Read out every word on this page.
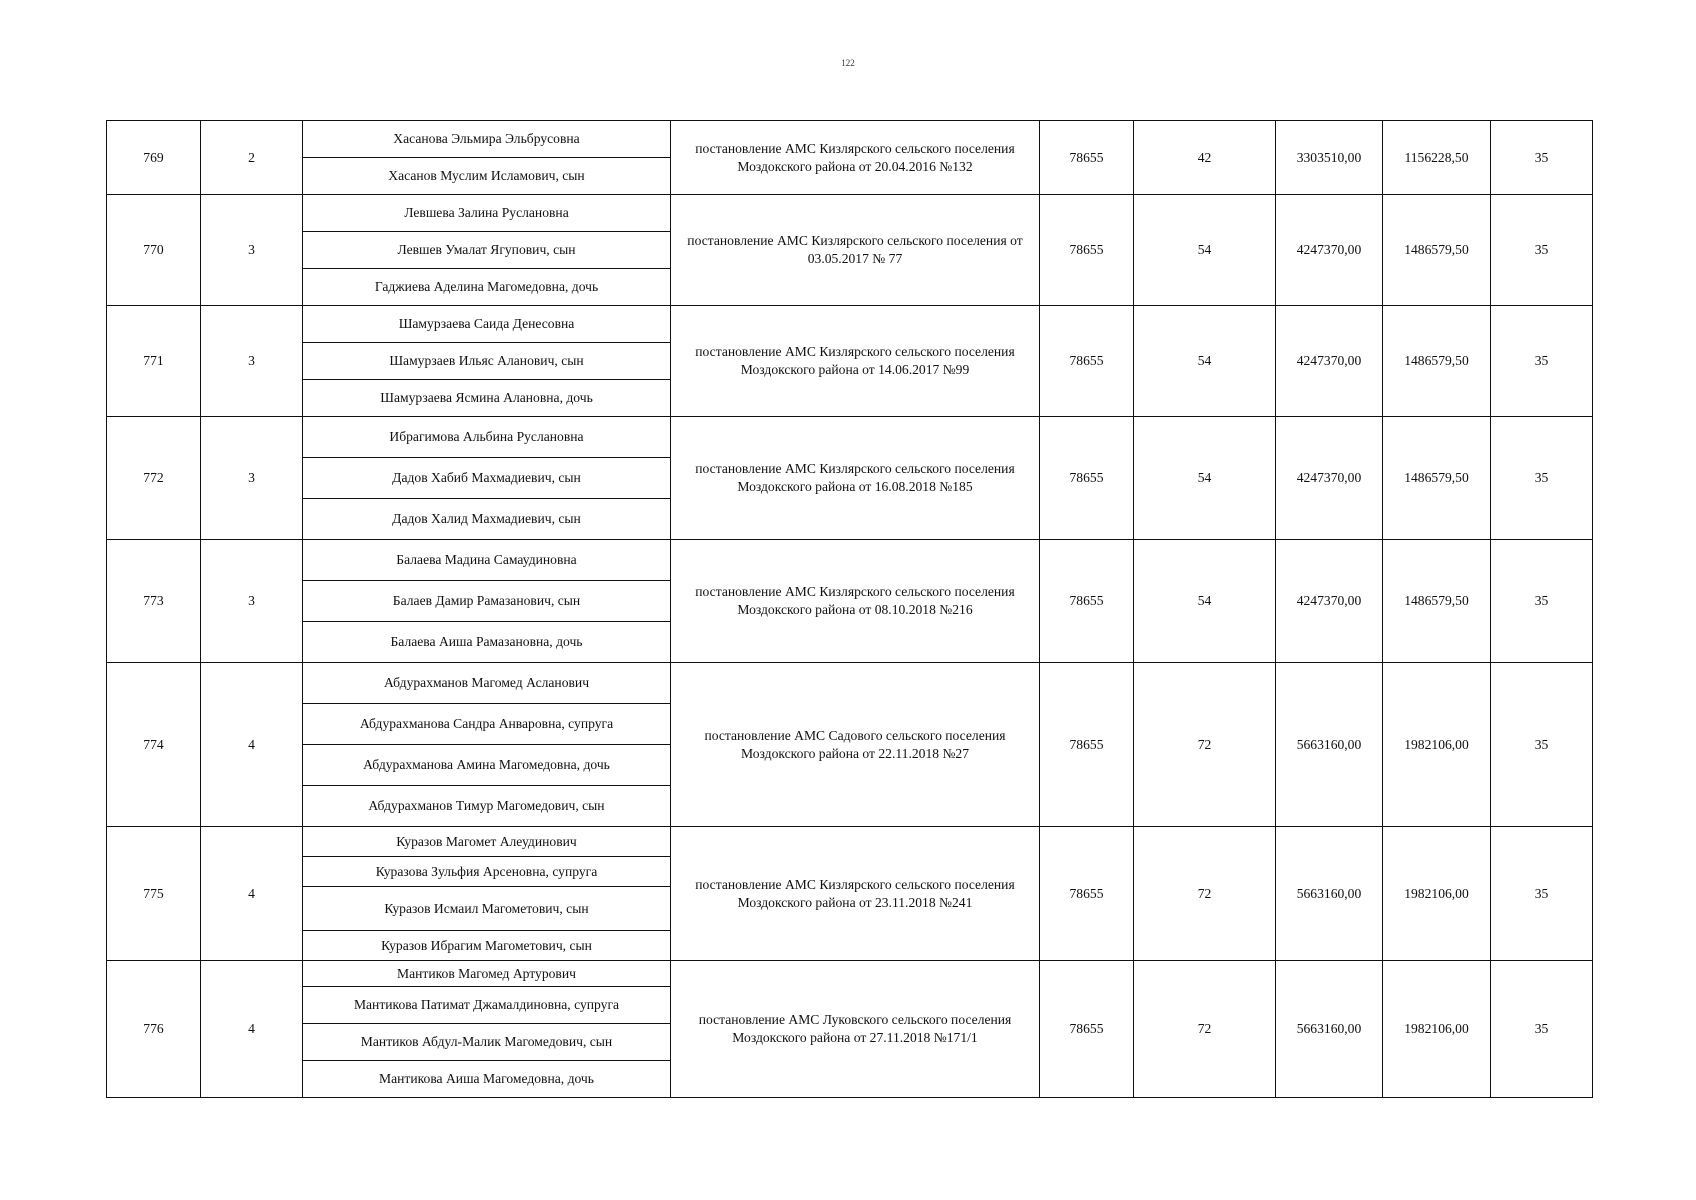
122
769	2	Хасанова Эльмира Эльбрусовна	постановление АМС Кизлярского сельского поселения Моздокского района от 20.04.2016 №132	78655	42	3303510,00	1156228,50	35
		Хасанов Муслим Исламович, сын						
770	3	Левшева Залина Руслановна	постановление АМС Кизлярского сельского поселения от 03.05.2017 № 77	78655	54	4247370,00	1486579,50	35
		Левшев Умалат Ягупович, сын						
		Гаджиева Аделина Магомедовна, дочь						
771	3	Шамурзаева Саида Денесовна	постановление АМС Кизлярского сельского поселения Моздокского района от 14.06.2017 №99	78655	54	4247370,00	1486579,50	35
		Шамурзаев Ильяс Аланович, сын						
		Шамурзаева Ясмина Алановна, дочь						
772	3	Ибрагимова Альбина Руслановна	постановление АМС Кизлярского сельского поселения Моздокского района от 16.08.2018 №185	78655	54	4247370,00	1486579,50	35
		Дадов Хабиб Махмадиевич, сын						
		Дадов Халид Махмадиевич, сын						
773	3	Балаева Мадина Самаудиновна	постановление АМС Кизлярского сельского поселения Моздокского района от 08.10.2018 №216	78655	54	4247370,00	1486579,50	35
		Балаев Дамир Рамазанович, сын						
		Балаева Аиша Рамазановна, дочь						
774	4	Абдурахманов Магомед Асланович	постановление АМС Садового сельского поселения Моздокского района от 22.11.2018 №27	78655	72	5663160,00	1982106,00	35
		Абдурахманова Сандра Анваровна, супруга						
		Абдурахманова Амина Магомедовна, дочь						
		Абдурахманов Тимур Магомедович, сын						
775	4	Куразов Магомет Алеудинович	постановление АМС Кизлярского сельского поселения Моздокского района от 23.11.2018 №241	78655	72	5663160,00	1982106,00	35
		Куразова Зульфия Арсеновна, супруга						
		Куразов Исмаил Магометович, сын						
		Куразов Ибрагим Магометович, сын						
776	4	Мантиков Магомед Артурович	постановление АМС Луковского сельского поселения Моздокского района от 27.11.2018 №171/1	78655	72	5663160,00	1982106,00	35
		Мантикова Патимат Джамалдиновна, супруга						
		Мантиков Абдул-Малик Магомедович, сын						
		Мантикова Аиша Магомедовна, дочь						
